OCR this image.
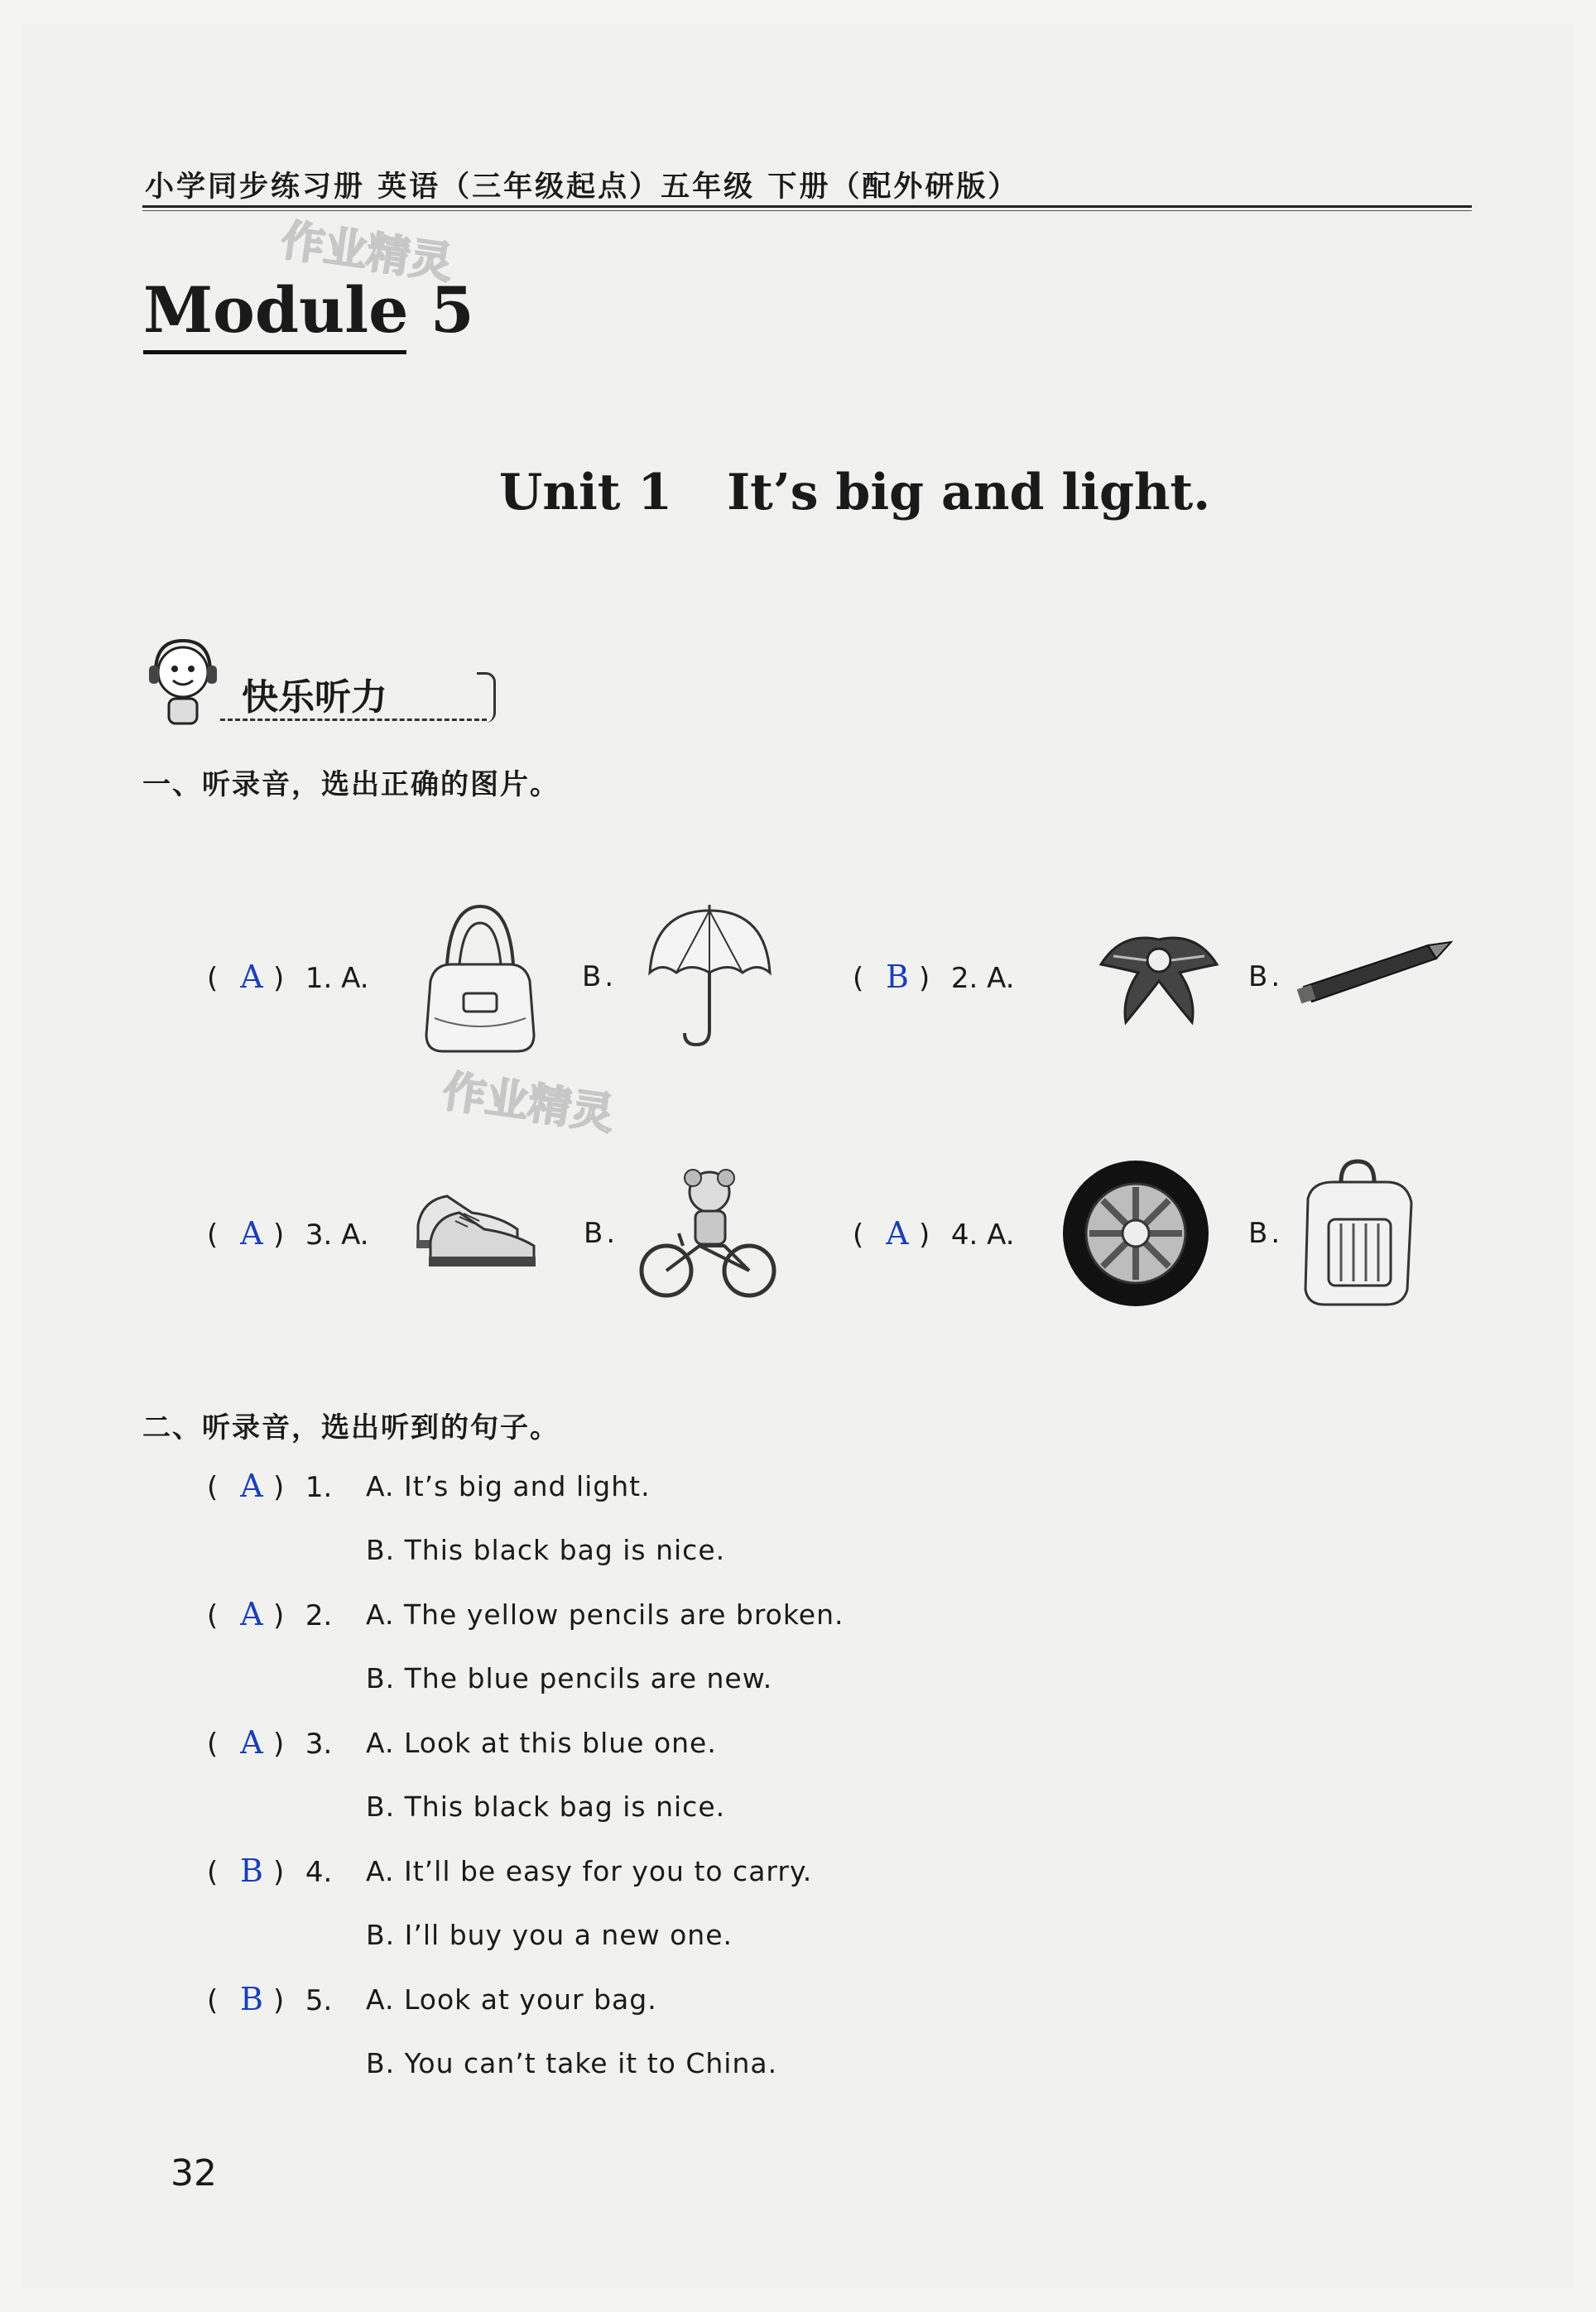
小学同步练习册 英语（三年级起点）五年级 下册（配外研版）
作业精灵
作业精灵
Module 5
Unit 1 It’s big and light.
快乐听力
一、听录音，选出正确的图片。
( A ) 1. A.	B.	( B ) 2. A.	B.
( A ) 3. A.	B.	( A ) 4. A.	B.
二、听录音，选出听到的句子。
( A ) 1. A. It’s big and light.
B. This black bag is nice.
( A ) 2. A. The yellow pencils are broken.
B. The blue pencils are new.
( A ) 3. A. Look at this blue one.
B. This black bag is nice.
( B ) 4. A. It’ll be easy for you to carry.
B. I’ll buy you a new one.
( B ) 5. A. Look at your bag.
B. You can’t take it to China.
32
